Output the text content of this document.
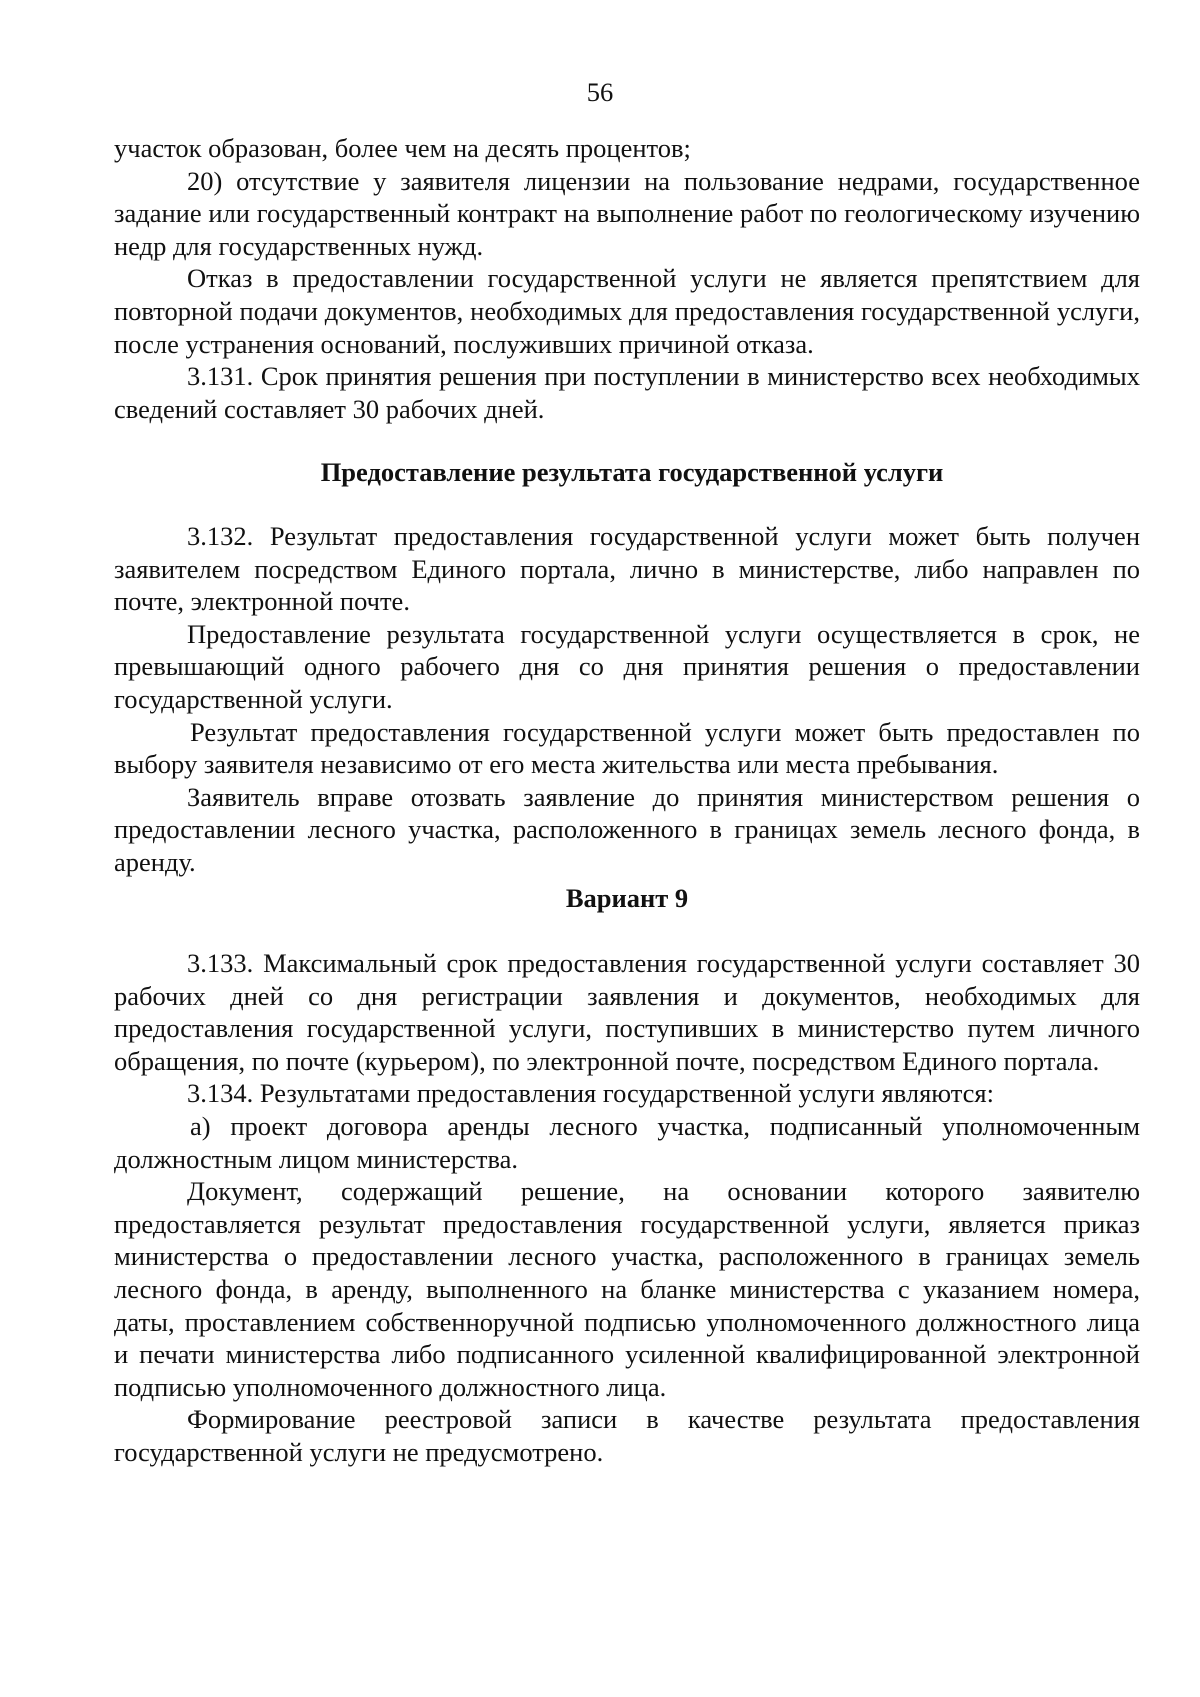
56

участок образован, более чем на десять процентов;

20) отсутствие у заявителя лицензии на пользование недрами, государственное задание или государственный контракт на выполнение работ по геологическому изучению недр для государственных нужд.

Отказ в предоставлении государственной услуги не является препятствием для повторной подачи документов, необходимых для предоставления государственной услуги, после устранения оснований, послуживших причиной отказа.

3.131. Срок принятия решения при поступлении в министерство всех необходимых сведений составляет 30 рабочих дней.

Предоставление результата государственной услуги

3.132. Результат предоставления государственной услуги может быть получен заявителем посредством Единого портала, лично в министерстве, либо направлен по почте, электронной почте.

Предоставление результата государственной услуги осуществляется в срок, не превышающий одного рабочего дня со дня принятия решения о предоставлении государственной услуги.

Результат предоставления государственной услуги может быть предоставлен по выбору заявителя независимо от его места жительства или места пребывания.

Заявитель вправе отозвать заявление до принятия министерством решения о предоставлении лесного участка, расположенного в границах земель лесного фонда, в аренду.

Вариант 9

3.133. Максимальный срок предоставления государственной услуги составляет 30 рабочих дней со дня регистрации заявления и документов, необходимых для предоставления государственной услуги, поступивших в министерство путем личного обращения, по почте (курьером), по электронной почте, посредством Единого портала.

3.134. Результатами предоставления государственной услуги являются:

а) проект договора аренды лесного участка, подписанный уполномоченным должностным лицом министерства.

Документ, содержащий решение, на основании которого заявителю предоставляется результат предоставления государственной услуги, является приказ министерства о предоставлении лесного участка, расположенного в границах земель лесного фонда, в аренду, выполненного на бланке министерства с указанием номера, даты, проставлением собственноручной подписью уполномоченного должностного лица и печати министерства либо подписанного усиленной квалифицированной электронной подписью уполномоченного должностного лица.

Формирование реестровой записи в качестве результата предоставления государственной услуги не предусмотрено.
